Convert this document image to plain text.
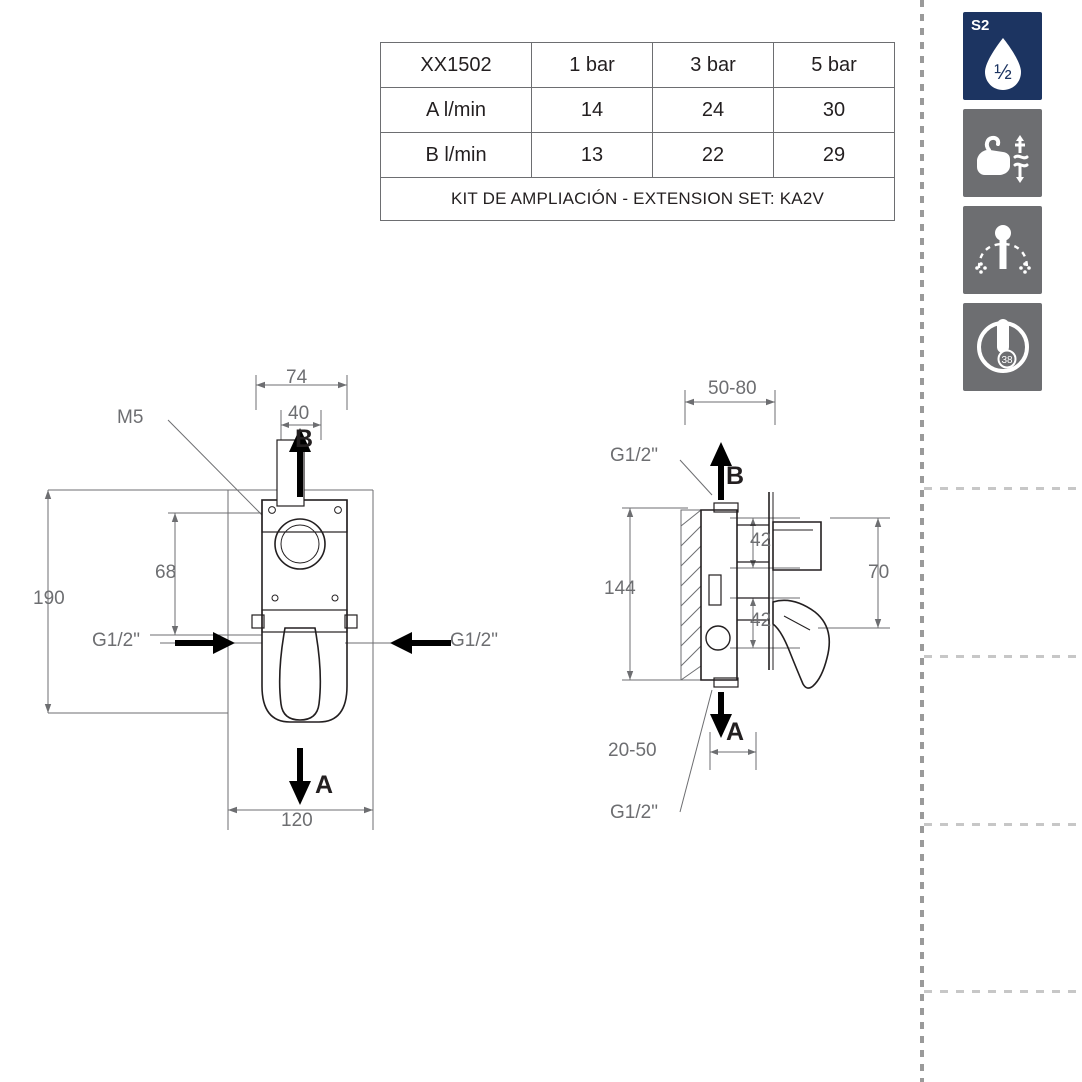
XX1502	1 bar	3 bar	5 bar
A l/min	14	24	30
B l/min	13	22	29
KIT DE AMPLIACIÓN - EXTENSION SET: KA2V			
S2
½
38
74
40
120
190
68
M5
G1/2"	G1/2"
B
A
50-80
144
42
42
70
20-50
G1/2"
G1/2"
B
A
